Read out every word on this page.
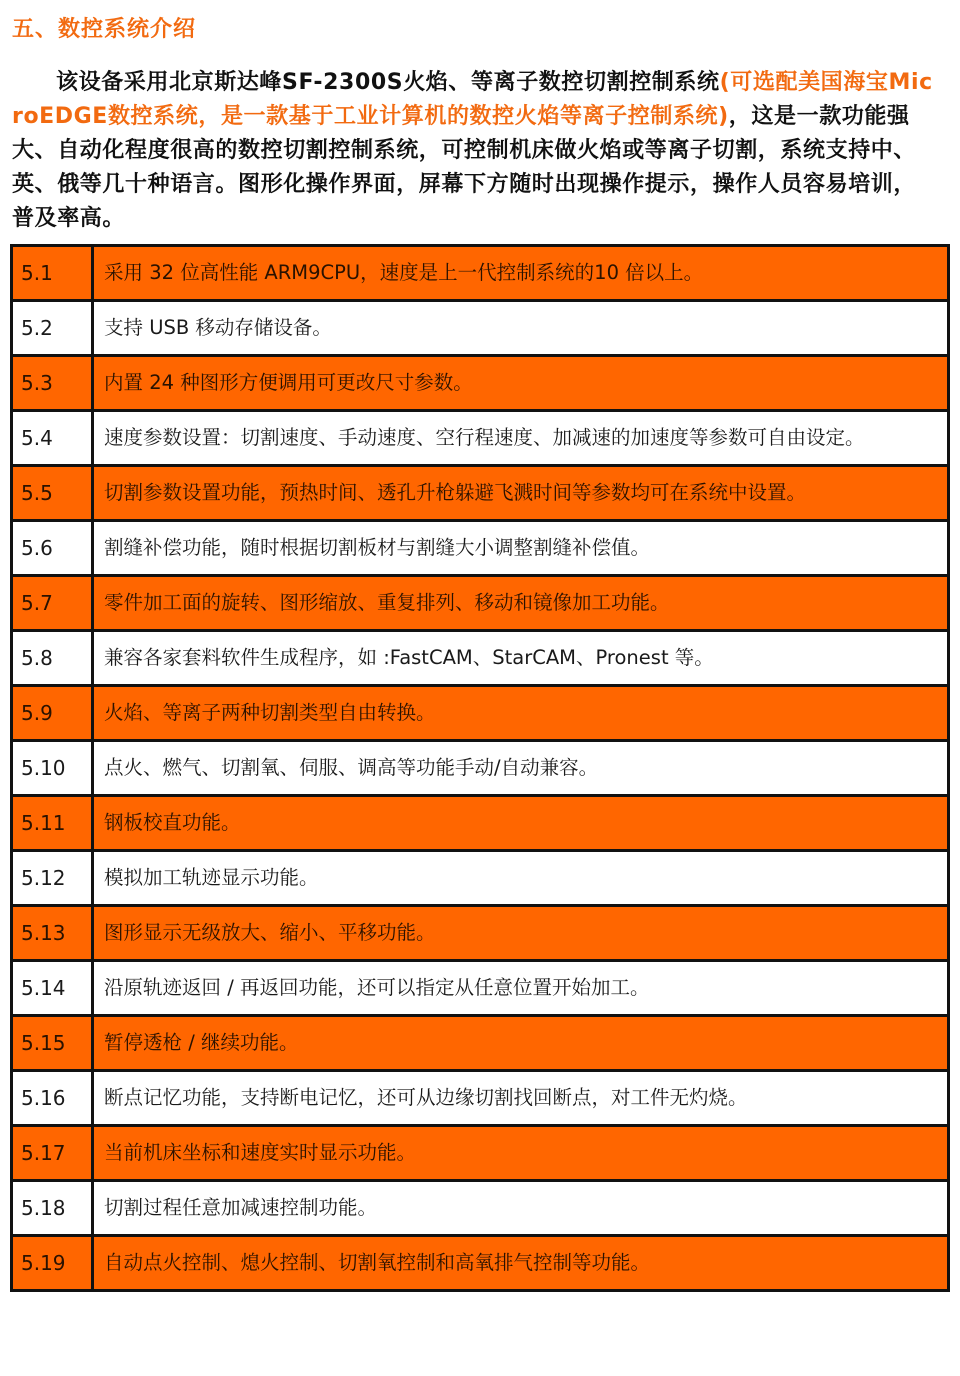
五、数控系统介绍
该设备采用北京斯达峰SF-2300S火焰、等离子数控切割控制系统(可选配美国海宝MicroEDGE数控系统，是一款基于工业计算机的数控火焰等离子控制系统)，这是一款功能强大、自动化程度很高的数控切割控制系统，可控制机床做火焰或等离子切割，系统支持中、英、俄等几十种语言。图形化操作界面，屏幕下方随时出现操作提示，操作人员容易培训，普及率高。
5.1	采用 32 位高性能 ARM9CPU，速度是上一代控制系统的10 倍以上。
5.2	支持 USB 移动存储设备。
5.3	内置 24 种图形方便调用可更改尺寸参数。
5.4	速度参数设置：切割速度、手动速度、空行程速度、加减速的加速度等参数可自由设定。
5.5	切割参数设置功能，预热时间、透孔升枪躲避飞溅时间等参数均可在系统中设置。
5.6	割缝补偿功能，随时根据切割板材与割缝大小调整割缝补偿值。
5.7	零件加工面的旋转、图形缩放、重复排列、移动和镜像加工功能。
5.8	兼容各家套料软件生成程序，如 :FastCAM、StarCAM、Pronest 等。
5.9	火焰、等离子两种切割类型自由转换。
5.10	点火、燃气、切割氧、伺服、调高等功能手动/自动兼容。
5.11	钢板校直功能。
5.12	模拟加工轨迹显示功能。
5.13	图形显示无级放大、缩小、平移功能。
5.14	沿原轨迹返回 / 再返回功能，还可以指定从任意位置开始加工。
5.15	暂停透枪 / 继续功能。
5.16	断点记忆功能，支持断电记忆，还可从边缘切割找回断点，对工件无灼烧。
5.17	当前机床坐标和速度实时显示功能。
5.18	切割过程任意加减速控制功能。
5.19	自动点火控制、熄火控制、切割氧控制和高氧排气控制等功能。
